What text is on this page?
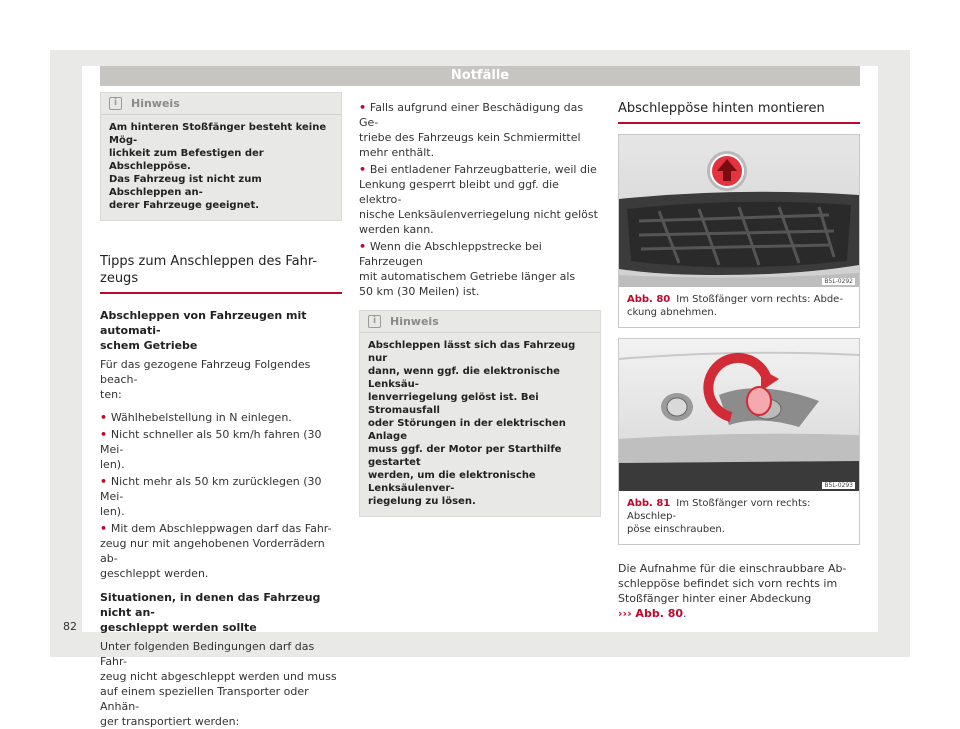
Notfälle
i	Hinweis
Am hinteren Stoßfänger besteht keine Mög-
lichkeit zum Befestigen der Abschleppöse.
Das Fahrzeug ist nicht zum Abschleppen an-
derer Fahrzeuge geeignet.
Tipps zum Anschleppen des Fahr-
zeugs
Abschleppen von Fahrzeugen mit automati-
schem Getriebe
Für das gezogene Fahrzeug Folgendes beach-
ten:
• Wählhebelstellung in N einlegen.
• Nicht schneller als 50 km/h fahren (30 Mei-
len).
• Nicht mehr als 50 km zurücklegen (30 Mei-
len).
• Mit dem Abschleppwagen darf das Fahr-
zeug nur mit angehobenen Vorderrädern ab-
geschleppt werden.
Situationen, in denen das Fahrzeug nicht an-
geschleppt werden sollte
Unter folgenden Bedingungen darf das Fahr-
zeug nicht abgeschleppt werden und muss
auf einem speziellen Transporter oder Anhän-
ger transportiert werden:
• Falls aufgrund einer Beschädigung das Ge-
triebe des Fahrzeugs kein Schmiermittel
mehr enthält.
• Bei entladener Fahrzeugbatterie, weil die
Lenkung gesperrt bleibt und ggf. die elektro-
nische Lenksäulenverriegelung nicht gelöst
werden kann.
• Wenn die Abschleppstrecke bei Fahrzeugen
mit automatischem Getriebe länger als
50 km (30 Meilen) ist.
i	Hinweis
Abschleppen lässt sich das Fahrzeug nur
dann, wenn ggf. die elektronische Lenksäu-
lenverriegelung gelöst ist. Bei Stromausfall
oder Störungen in der elektrischen Anlage
muss ggf. der Motor per Starthilfe gestartet
werden, um die elektronische Lenksäulenver-
riegelung zu lösen.
Abschleppöse hinten montieren
B5L-0292
Abb. 80 Im Stoßfänger vorn rechts: Abde-
ckung abnehmen.
B5L-0293
Abb. 81 Im Stoßfänger vorn rechts: Abschlep-
pöse einschrauben.
Die Aufnahme für die einschraubbare Ab-
schleppöse befindet sich vorn rechts im
Stoßfänger hinter einer Abdeckung
››› Abb. 80.
82
